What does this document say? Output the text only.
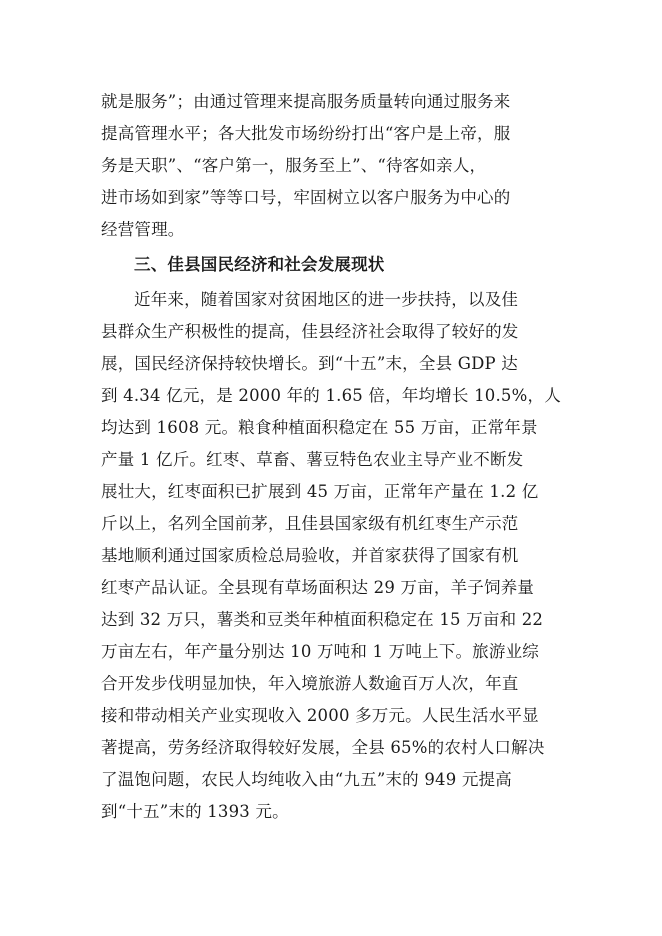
就是服务”；由通过管理来提高服务质量转向通过服务来
提高管理水平；各大批发市场纷纷打出“客户是上帝，服
务是天职”、“客户第一，服务至上”、“待客如亲人，
进市场如到家”等等口号，牢固树立以客户服务为中心的
经营管理。
三、佳县国民经济和社会发展现状
近年来，随着国家对贫困地区的进一步扶持，以及佳
县群众生产积极性的提高，佳县经济社会取得了较好的发
展，国民经济保持较快增长。到“十五”末，全县 GDP 达
到 4.34 亿元，是 2000 年的 1.65 倍，年均增长 10.5%，人
均达到 1608 元。粮食种植面积稳定在 55 万亩，正常年景
产量 1 亿斤。红枣、草畜、薯豆特色农业主导产业不断发
展壮大，红枣面积已扩展到 45 万亩，正常年产量在 1.2 亿
斤以上，名列全国前茅，且佳县国家级有机红枣生产示范
基地顺利通过国家质检总局验收，并首家获得了国家有机
红枣产品认证。全县现有草场面积达 29 万亩，羊子饲养量
达到 32 万只，薯类和豆类年种植面积稳定在 15 万亩和 22
万亩左右，年产量分别达 10 万吨和 1 万吨上下。旅游业综
合开发步伐明显加快，年入境旅游人数逾百万人次，年直
接和带动相关产业实现收入 2000 多万元。人民生活水平显
著提高，劳务经济取得较好发展，全县 65%的农村人口解决
了温饱问题，农民人均纯收入由“九五”末的 949 元提高
到“十五”末的 1393 元。
